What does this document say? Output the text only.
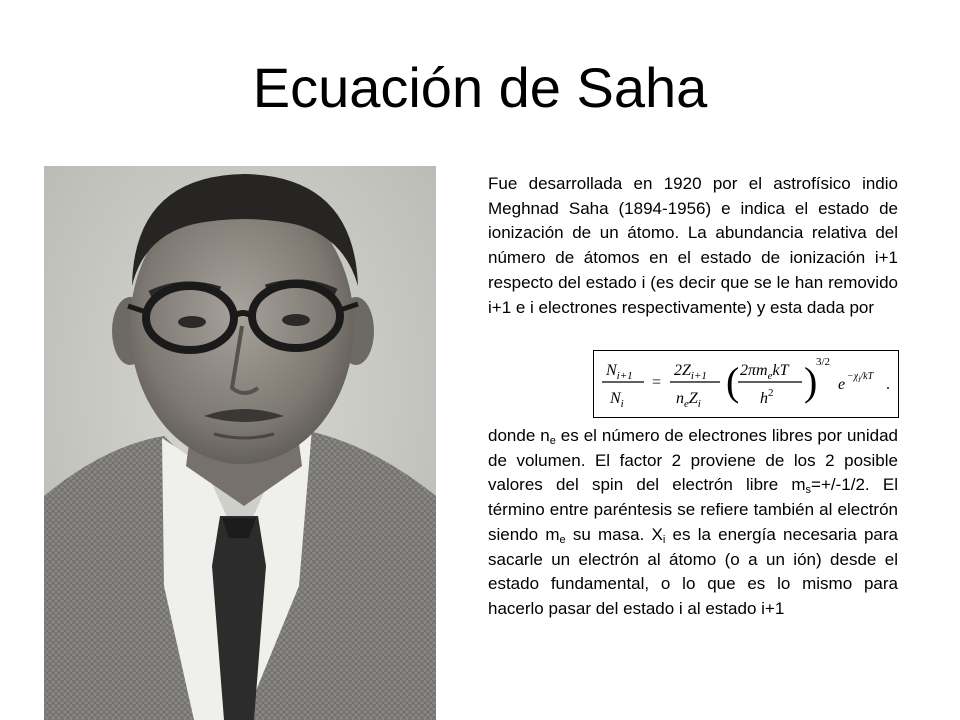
Ecuación de Saha

Fue desarrollada en 1920 por el astrofísico indio Meghnad Saha (1894-1956) e indica el estado de ionización de un átomo. La abundancia relativa del número de átomos en el estado de ionización i+1 respecto del estado i (es decir que se le han removido i+1 e i electrones respectivamente) y esta dada por

$N_{i+1}$
$N_i$
=
$2Z_{i+1}$
$n_eZ_i$ ( $2\pi m_ekT$
$h^2$ )
3/2
$e -\chi_i/kT$ .

donde $n_e$ es el número de electrones libres por unidad de volumen. El factor 2 proviene de los 2 posible valores del spin del electrón libre $m_s=+/-1/2$. El término entre paréntesis se refiere también al electrón siendo $m_e$ su masa. $X_i$ es la energía necesaria para sacarle un electrón al átomo (o a un ión) desde el estado fundamental, o lo que es lo mismo para hacerlo pasar del estado i al estado i+1
